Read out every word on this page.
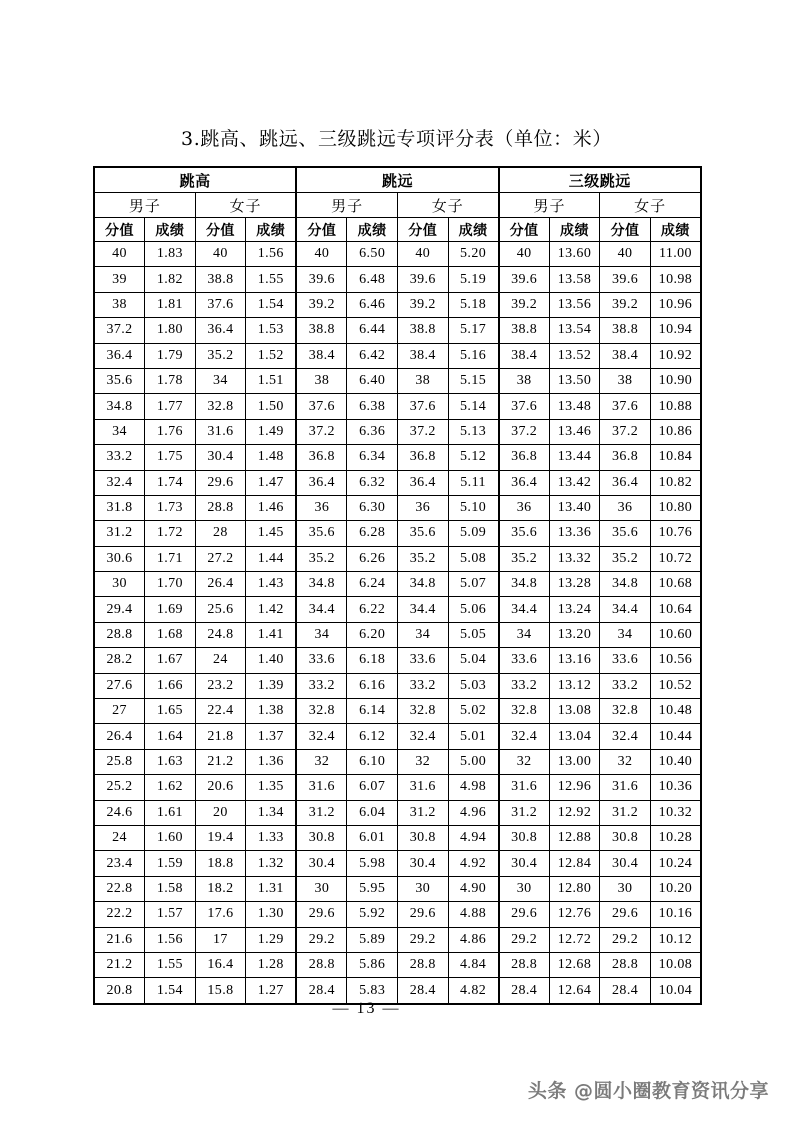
3.跳高、跳远、三级跳远专项评分表（单位：米）
跳高				跳远				三级跳远			
男子		女子		男子		女子		男子		女子	
分值	成绩	分值	成绩	分值	成绩	分值	成绩	分值	成绩	分值	成绩
40	1.83	40	1.56	40	6.50	40	5.20	40	13.60	40	11.00
39	1.82	38.8	1.55	39.6	6.48	39.6	5.19	39.6	13.58	39.6	10.98
38	1.81	37.6	1.54	39.2	6.46	39.2	5.18	39.2	13.56	39.2	10.96
37.2	1.80	36.4	1.53	38.8	6.44	38.8	5.17	38.8	13.54	38.8	10.94
36.4	1.79	35.2	1.52	38.4	6.42	38.4	5.16	38.4	13.52	38.4	10.92
35.6	1.78	34	1.51	38	6.40	38	5.15	38	13.50	38	10.90
34.8	1.77	32.8	1.50	37.6	6.38	37.6	5.14	37.6	13.48	37.6	10.88
34	1.76	31.6	1.49	37.2	6.36	37.2	5.13	37.2	13.46	37.2	10.86
33.2	1.75	30.4	1.48	36.8	6.34	36.8	5.12	36.8	13.44	36.8	10.84
32.4	1.74	29.6	1.47	36.4	6.32	36.4	5.11	36.4	13.42	36.4	10.82
31.8	1.73	28.8	1.46	36	6.30	36	5.10	36	13.40	36	10.80
31.2	1.72	28	1.45	35.6	6.28	35.6	5.09	35.6	13.36	35.6	10.76
30.6	1.71	27.2	1.44	35.2	6.26	35.2	5.08	35.2	13.32	35.2	10.72
30	1.70	26.4	1.43	34.8	6.24	34.8	5.07	34.8	13.28	34.8	10.68
29.4	1.69	25.6	1.42	34.4	6.22	34.4	5.06	34.4	13.24	34.4	10.64
28.8	1.68	24.8	1.41	34	6.20	34	5.05	34	13.20	34	10.60
28.2	1.67	24	1.40	33.6	6.18	33.6	5.04	33.6	13.16	33.6	10.56
27.6	1.66	23.2	1.39	33.2	6.16	33.2	5.03	33.2	13.12	33.2	10.52
27	1.65	22.4	1.38	32.8	6.14	32.8	5.02	32.8	13.08	32.8	10.48
26.4	1.64	21.8	1.37	32.4	6.12	32.4	5.01	32.4	13.04	32.4	10.44
25.8	1.63	21.2	1.36	32	6.10	32	5.00	32	13.00	32	10.40
25.2	1.62	20.6	1.35	31.6	6.07	31.6	4.98	31.6	12.96	31.6	10.36
24.6	1.61	20	1.34	31.2	6.04	31.2	4.96	31.2	12.92	31.2	10.32
24	1.60	19.4	1.33	30.8	6.01	30.8	4.94	30.8	12.88	30.8	10.28
23.4	1.59	18.8	1.32	30.4	5.98	30.4	4.92	30.4	12.84	30.4	10.24
22.8	1.58	18.2	1.31	30	5.95	30	4.90	30	12.80	30	10.20
22.2	1.57	17.6	1.30	29.6	5.92	29.6	4.88	29.6	12.76	29.6	10.16
21.6	1.56	17	1.29	29.2	5.89	29.2	4.86	29.2	12.72	29.2	10.12
21.2	1.55	16.4	1.28	28.8	5.86	28.8	4.84	28.8	12.68	28.8	10.08
20.8	1.54	15.8	1.27	28.4	5.83	28.4	4.82	28.4	12.64	28.4	10.04
— 13 —
头条 @圆小圈教育资讯分享
